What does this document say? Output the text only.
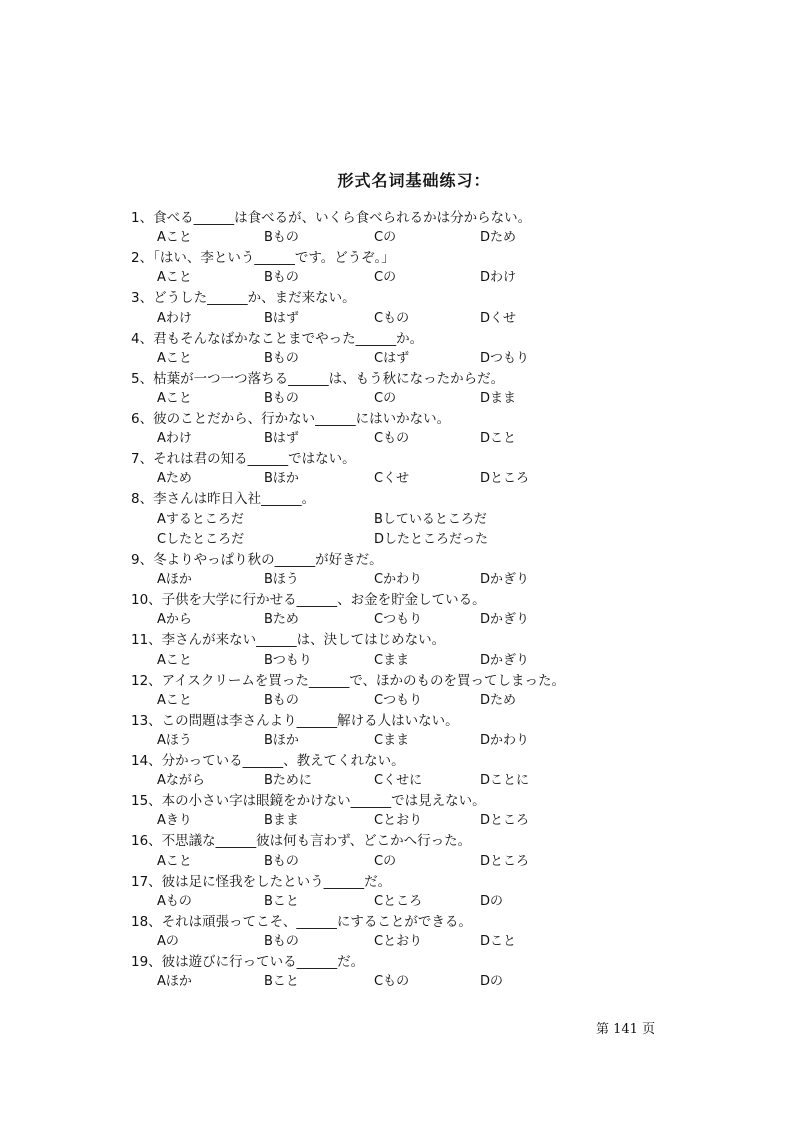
形式名词基础练习：
1、食べる______は食べるが、いくら食べられるかは分からない。
Aこと	Bもの	Cの	Dため
2、「はい、李という______です。どうぞ。」
Aこと	Bもの	Cの	Dわけ
3、どうした______か、まだ来ない。
Aわけ	Bはず	Cもの	Dくせ
4、君もそんなばかなことまでやった______か。
Aこと	Bもの	Cはず	Dつもり
5、枯葉が一つ一つ落ちる______は、もう秋になったからだ。
Aこと	Bもの	Cの	Dまま
6、彼のことだから、行かない______にはいかない。
Aわけ	Bはず	Cもの	Dこと
7、それは君の知る______ではない。
Aため	Bほか	Cくせ	Dところ
8、李さんは昨日入社______。
Aするところだ	Bしているところだ
Cしたところだ	Dしたところだった
9、冬よりやっぱり秋の______が好きだ。
Aほか	Bほう	Cかわり	Dかぎり
10、子供を大学に行かせる______、お金を貯金している。
Aから	Bため	Cつもり	Dかぎり
11、李さんが来ない______は、決してはじめない。
Aこと	Bつもり	Cまま	Dかぎり
12、アイスクリームを買った______で、ほかのものを買ってしまった。
Aこと	Bもの	Cつもり	Dため
13、この問題は李さんより______解ける人はいない。
Aほう	Bほか	Cまま	Dかわり
14、分かっている______、教えてくれない。
Aながら	Bために	Cくせに	Dことに
15、本の小さい字は眼鏡をかけない______では見えない。
Aきり	Bまま	Cとおり	Dところ
16、不思議な______彼は何も言わず、どこかへ行った。
Aこと	Bもの	Cの	Dところ
17、彼は足に怪我をしたという______だ。
Aもの	Bこと	Cところ	Dの
18、それは頑張ってこそ、______にすることができる。
Aの	Bもの	Cとおり	Dこと
19、彼は遊びに行っている______だ。
Aほか	Bこと	Cもの	Dの
第 141 页
